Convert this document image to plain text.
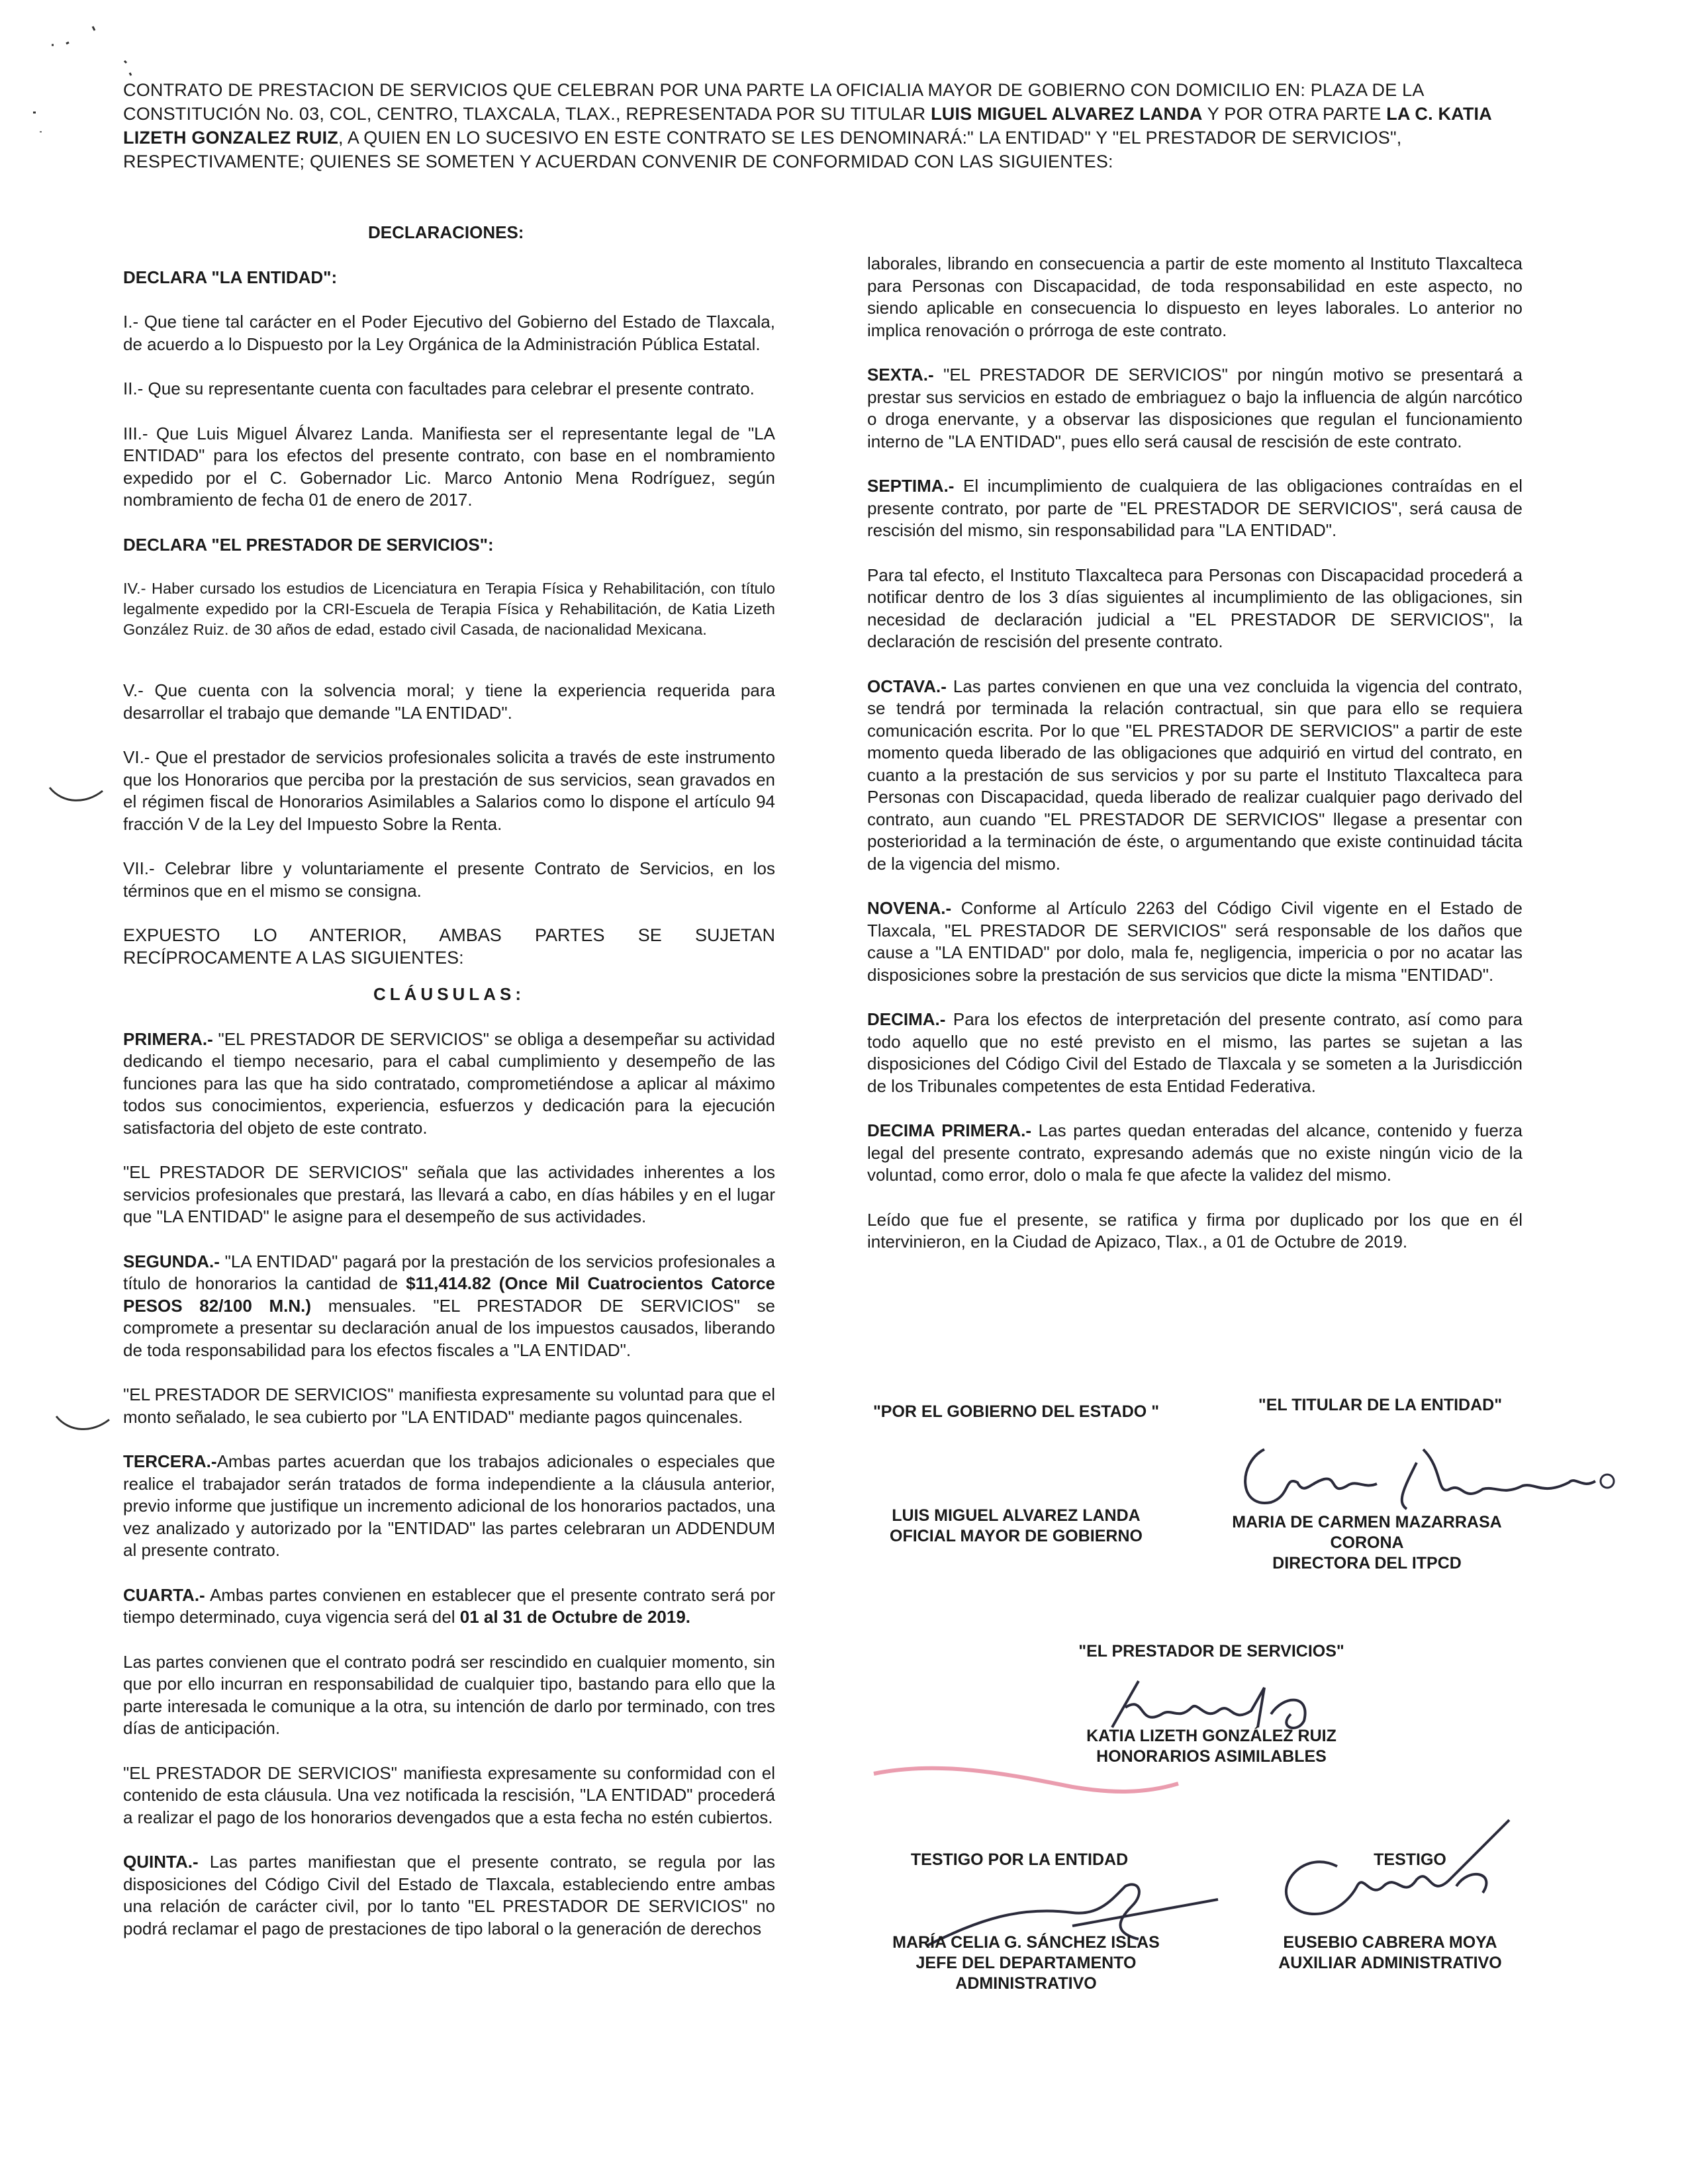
CONTRATO DE PRESTACION DE SERVICIOS QUE CELEBRAN POR UNA PARTE LA OFICIALIA MAYOR DE GOBIERNO CON DOMICILIO EN: PLAZA DE LA CONSTITUCIÓN No. 03, COL, CENTRO, TLAXCALA, TLAX., REPRESENTADA POR SU TITULAR LUIS MIGUEL ALVAREZ LANDA Y POR OTRA PARTE LA C. KATIA LIZETH GONZALEZ RUIZ, A QUIEN EN LO SUCESIVO EN ESTE CONTRATO SE LES DENOMINARÁ:" LA ENTIDAD" Y "EL PRESTADOR DE SERVICIOS", RESPECTIVAMENTE; QUIENES SE SOMETEN Y ACUERDAN CONVENIR DE CONFORMIDAD CON LAS SIGUIENTES:

DECLARACIONES:

DECLARA "LA ENTIDAD":

I.- Que tiene tal carácter en el Poder Ejecutivo del Gobierno del Estado de Tlaxcala, de acuerdo a lo Dispuesto por la Ley Orgánica de la Administración Pública Estatal.

II.- Que su representante cuenta con facultades para celebrar el presente contrato.

III.- Que Luis Miguel Álvarez Landa. Manifiesta ser el representante legal de "LA ENTIDAD" para los efectos del presente contrato, con base en el nombramiento expedido por el C. Gobernador Lic. Marco Antonio Mena Rodríguez, según nombramiento de fecha 01 de enero de 2017.

DECLARA "EL PRESTADOR DE SERVICIOS":

IV.- Haber cursado los estudios de Licenciatura en Terapia Física y Rehabilitación, con título legalmente expedido por la CRI-Escuela de Terapia Física y Rehabilitación, de Katia Lizeth González Ruiz. de 30 años de edad, estado civil Casada, de nacionalidad Mexicana.

V.- Que cuenta con la solvencia moral; y tiene la experiencia requerida para desarrollar el trabajo que demande "LA ENTIDAD".

VI.- Que el prestador de servicios profesionales solicita a través de este instrumento que los Honorarios que perciba por la prestación de sus servicios, sean gravados en el régimen fiscal de Honorarios Asimilables a Salarios como lo dispone el artículo 94 fracción V de la Ley del Impuesto Sobre la Renta.

VII.- Celebrar libre y voluntariamente el presente Contrato de Servicios, en los términos que en el mismo se consigna.

EXPUESTO LO ANTERIOR, AMBAS PARTES SE SUJETAN RECÍPROCAMENTE A LAS SIGUIENTES:

CLÁUSULAS:

PRIMERA.- "EL PRESTADOR DE SERVICIOS" se obliga a desempeñar su actividad dedicando el tiempo necesario, para el cabal cumplimiento y desempeño de las funciones para las que ha sido contratado, comprometiéndose a aplicar al máximo todos sus conocimientos, experiencia, esfuerzos y dedicación para la ejecución satisfactoria del objeto de este contrato.

"EL PRESTADOR DE SERVICIOS" señala que las actividades inherentes a los servicios profesionales que prestará, las llevará a cabo, en días hábiles y en el lugar que "LA ENTIDAD" le asigne para el desempeño de sus actividades.

SEGUNDA.- "LA ENTIDAD" pagará por la prestación de los servicios profesionales a título de honorarios la cantidad de $11,414.82 (Once Mil Cuatrocientos Catorce PESOS 82/100 M.N.) mensuales. "EL PRESTADOR DE SERVICIOS" se compromete a presentar su declaración anual de los impuestos causados, liberando de toda responsabilidad para los efectos fiscales a "LA ENTIDAD".

"EL PRESTADOR DE SERVICIOS" manifiesta expresamente su voluntad para que el monto señalado, le sea cubierto por "LA ENTIDAD" mediante pagos quincenales.

TERCERA.-Ambas partes acuerdan que los trabajos adicionales o especiales que realice el trabajador serán tratados de forma independiente a la cláusula anterior, previo informe que justifique un incremento adicional de los honorarios pactados, una vez analizado y autorizado por la "ENTIDAD" las partes celebraran un ADDENDUM al presente contrato.

CUARTA.- Ambas partes convienen en establecer que el presente contrato será por tiempo determinado, cuya vigencia será del 01 al 31 de Octubre de 2019.

Las partes convienen que el contrato podrá ser rescindido en cualquier momento, sin que por ello incurran en responsabilidad de cualquier tipo, bastando para ello que la parte interesada le comunique a la otra, su intención de darlo por terminado, con tres días de anticipación.

"EL PRESTADOR DE SERVICIOS" manifiesta expresamente su conformidad con el contenido de esta cláusula. Una vez notificada la rescisión, "LA ENTIDAD" procederá a realizar el pago de los honorarios devengados que a esta fecha no estén cubiertos.

QUINTA.- Las partes manifiestan que el presente contrato, se regula por las disposiciones del Código Civil del Estado de Tlaxcala, estableciendo entre ambas una relación de carácter civil, por lo tanto "EL PRESTADOR DE SERVICIOS" no podrá reclamar el pago de prestaciones de tipo laboral o la generación de derechos

laborales, librando en consecuencia a partir de este momento al Instituto Tlaxcalteca para Personas con Discapacidad, de toda responsabilidad en este aspecto, no siendo aplicable en consecuencia lo dispuesto en leyes laborales. Lo anterior no implica renovación o prórroga de este contrato.

SEXTA.- "EL PRESTADOR DE SERVICIOS" por ningún motivo se presentará a prestar sus servicios en estado de embriaguez o bajo la influencia de algún narcótico o droga enervante, y a observar las disposiciones que regulan el funcionamiento interno de "LA ENTIDAD", pues ello será causal de rescisión de este contrato.

SEPTIMA.- El incumplimiento de cualquiera de las obligaciones contraídas en el presente contrato, por parte de "EL PRESTADOR DE SERVICIOS", será causa de rescisión del mismo, sin responsabilidad para "LA ENTIDAD".

Para tal efecto, el Instituto Tlaxcalteca para Personas con Discapacidad procederá a notificar dentro de los 3 días siguientes al incumplimiento de las obligaciones, sin necesidad de declaración judicial a "EL PRESTADOR DE SERVICIOS", la declaración de rescisión del presente contrato.

OCTAVA.- Las partes convienen en que una vez concluida la vigencia del contrato, se tendrá por terminada la relación contractual, sin que para ello se requiera comunicación escrita. Por lo que "EL PRESTADOR DE SERVICIOS" a partir de este momento queda liberado de las obligaciones que adquirió en virtud del contrato, en cuanto a la prestación de sus servicios y por su parte el Instituto Tlaxcalteca para Personas con Discapacidad, queda liberado de realizar cualquier pago derivado del contrato, aun cuando "EL PRESTADOR DE SERVICIOS" llegase a presentar con posterioridad a la terminación de éste, o argumentando que existe continuidad tácita de la vigencia del mismo.

NOVENA.- Conforme al Artículo 2263 del Código Civil vigente en el Estado de Tlaxcala, "EL PRESTADOR DE SERVICIOS" será responsable de los daños que cause a "LA ENTIDAD" por dolo, mala fe, negligencia, impericia o por no acatar las disposiciones sobre la prestación de sus servicios que dicte la misma "ENTIDAD".

DECIMA.- Para los efectos de interpretación del presente contrato, así como para todo aquello que no esté previsto en el mismo, las partes se sujetan a las disposiciones del Código Civil del Estado de Tlaxcala y se someten a la Jurisdicción de los Tribunales competentes de esta Entidad Federativa.

DECIMA PRIMERA.- Las partes quedan enteradas del alcance, contenido y fuerza legal del presente contrato, expresando además que no existe ningún vicio de la voluntad, como error, dolo o mala fe que afecte la validez del mismo.

Leído que fue el presente, se ratifica y firma por duplicado por los que en él intervinieron, en la Ciudad de Apizaco, Tlax., a 01 de Octubre de 2019.

"POR EL GOBIERNO DEL ESTADO "
LUIS MIGUEL ALVAREZ LANDA
OFICIAL MAYOR DE GOBIERNO
"EL TITULAR DE LA ENTIDAD"
MARIA DE CARMEN MAZARRASA
CORONA
DIRECTORA DEL ITPCD
"EL PRESTADOR DE SERVICIOS"
KATIA LIZETH GONZÁLEZ RUIZ
HONORARIOS ASIMILABLES
TESTIGO POR LA ENTIDAD
MARÍA CELIA G. SÁNCHEZ ISLAS
JEFE DEL DEPARTAMENTO
ADMINISTRATIVO
TESTIGO
EUSEBIO CABRERA MOYA
AUXILIAR ADMINISTRATIVO
